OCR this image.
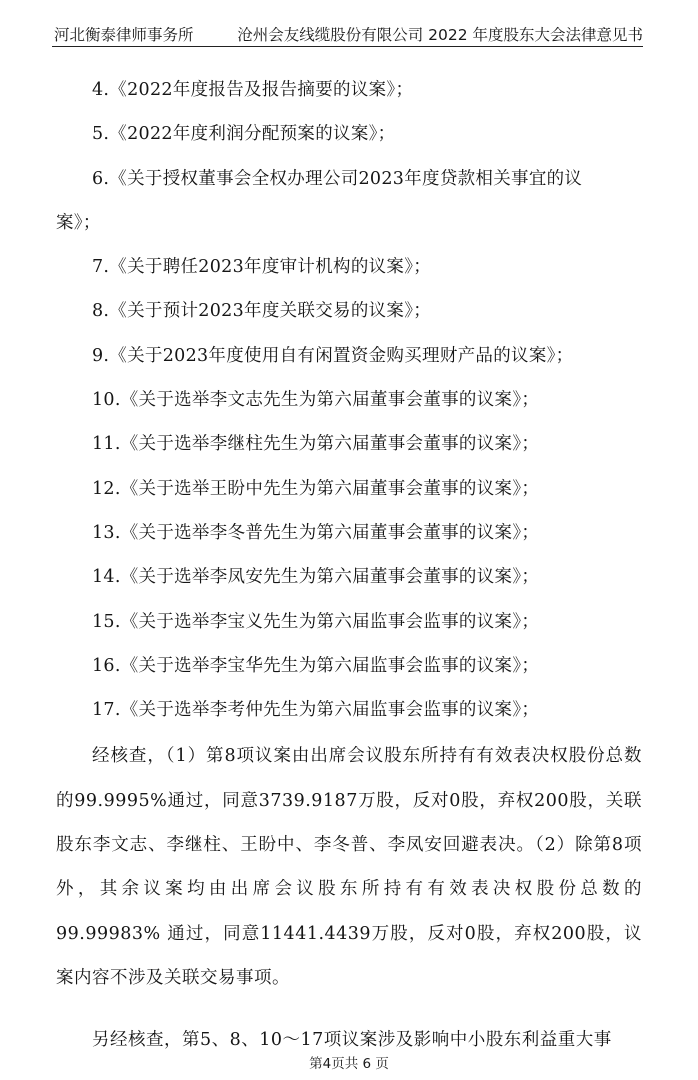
河北衡泰律师事务所	沧州会友线缆股份有限公司 2022 年度股东大会法律意见书
4.《2022年度报告及报告摘要的议案》；
5.《2022年度利润分配预案的议案》；
6.《关于授权董事会全权办理公司2023年度贷款相关事宜的议
案》；
7.《关于聘任2023年度审计机构的议案》；
8.《关于预计2023年度关联交易的议案》；
9.《关于2023年度使用自有闲置资金购买理财产品的议案》；
10.《关于选举李文志先生为第六届董事会董事的议案》；
11.《关于选举李继柱先生为第六届董事会董事的议案》；
12.《关于选举王盼中先生为第六届董事会董事的议案》；
13.《关于选举李冬普先生为第六届董事会董事的议案》；
14.《关于选举李凤安先生为第六届董事会董事的议案》；
15.《关于选举李宝义先生为第六届监事会监事的议案》；
16.《关于选举李宝华先生为第六届监事会监事的议案》；
17.《关于选举李考仲先生为第六届监事会监事的议案》；

经核查，（1）第8项议案由出席会议股东所持有有效表决权股份总数的99.9995%通过，同意3739.9187万股，反对0股，弃权200股，关联股东李文志、李继柱、王盼中、李冬普、李凤安回避表决。（2）除第8项外，其余议案均由出席会议股东所持有有效表决权股份总数的99.99983% 通过，同意11441.4439万股，反对0股，弃权200股，议案内容不涉及关联交易事项。

另经核查，第5、8、10～17项议案涉及影响中小股东利益重大事

第4页共 6 页
